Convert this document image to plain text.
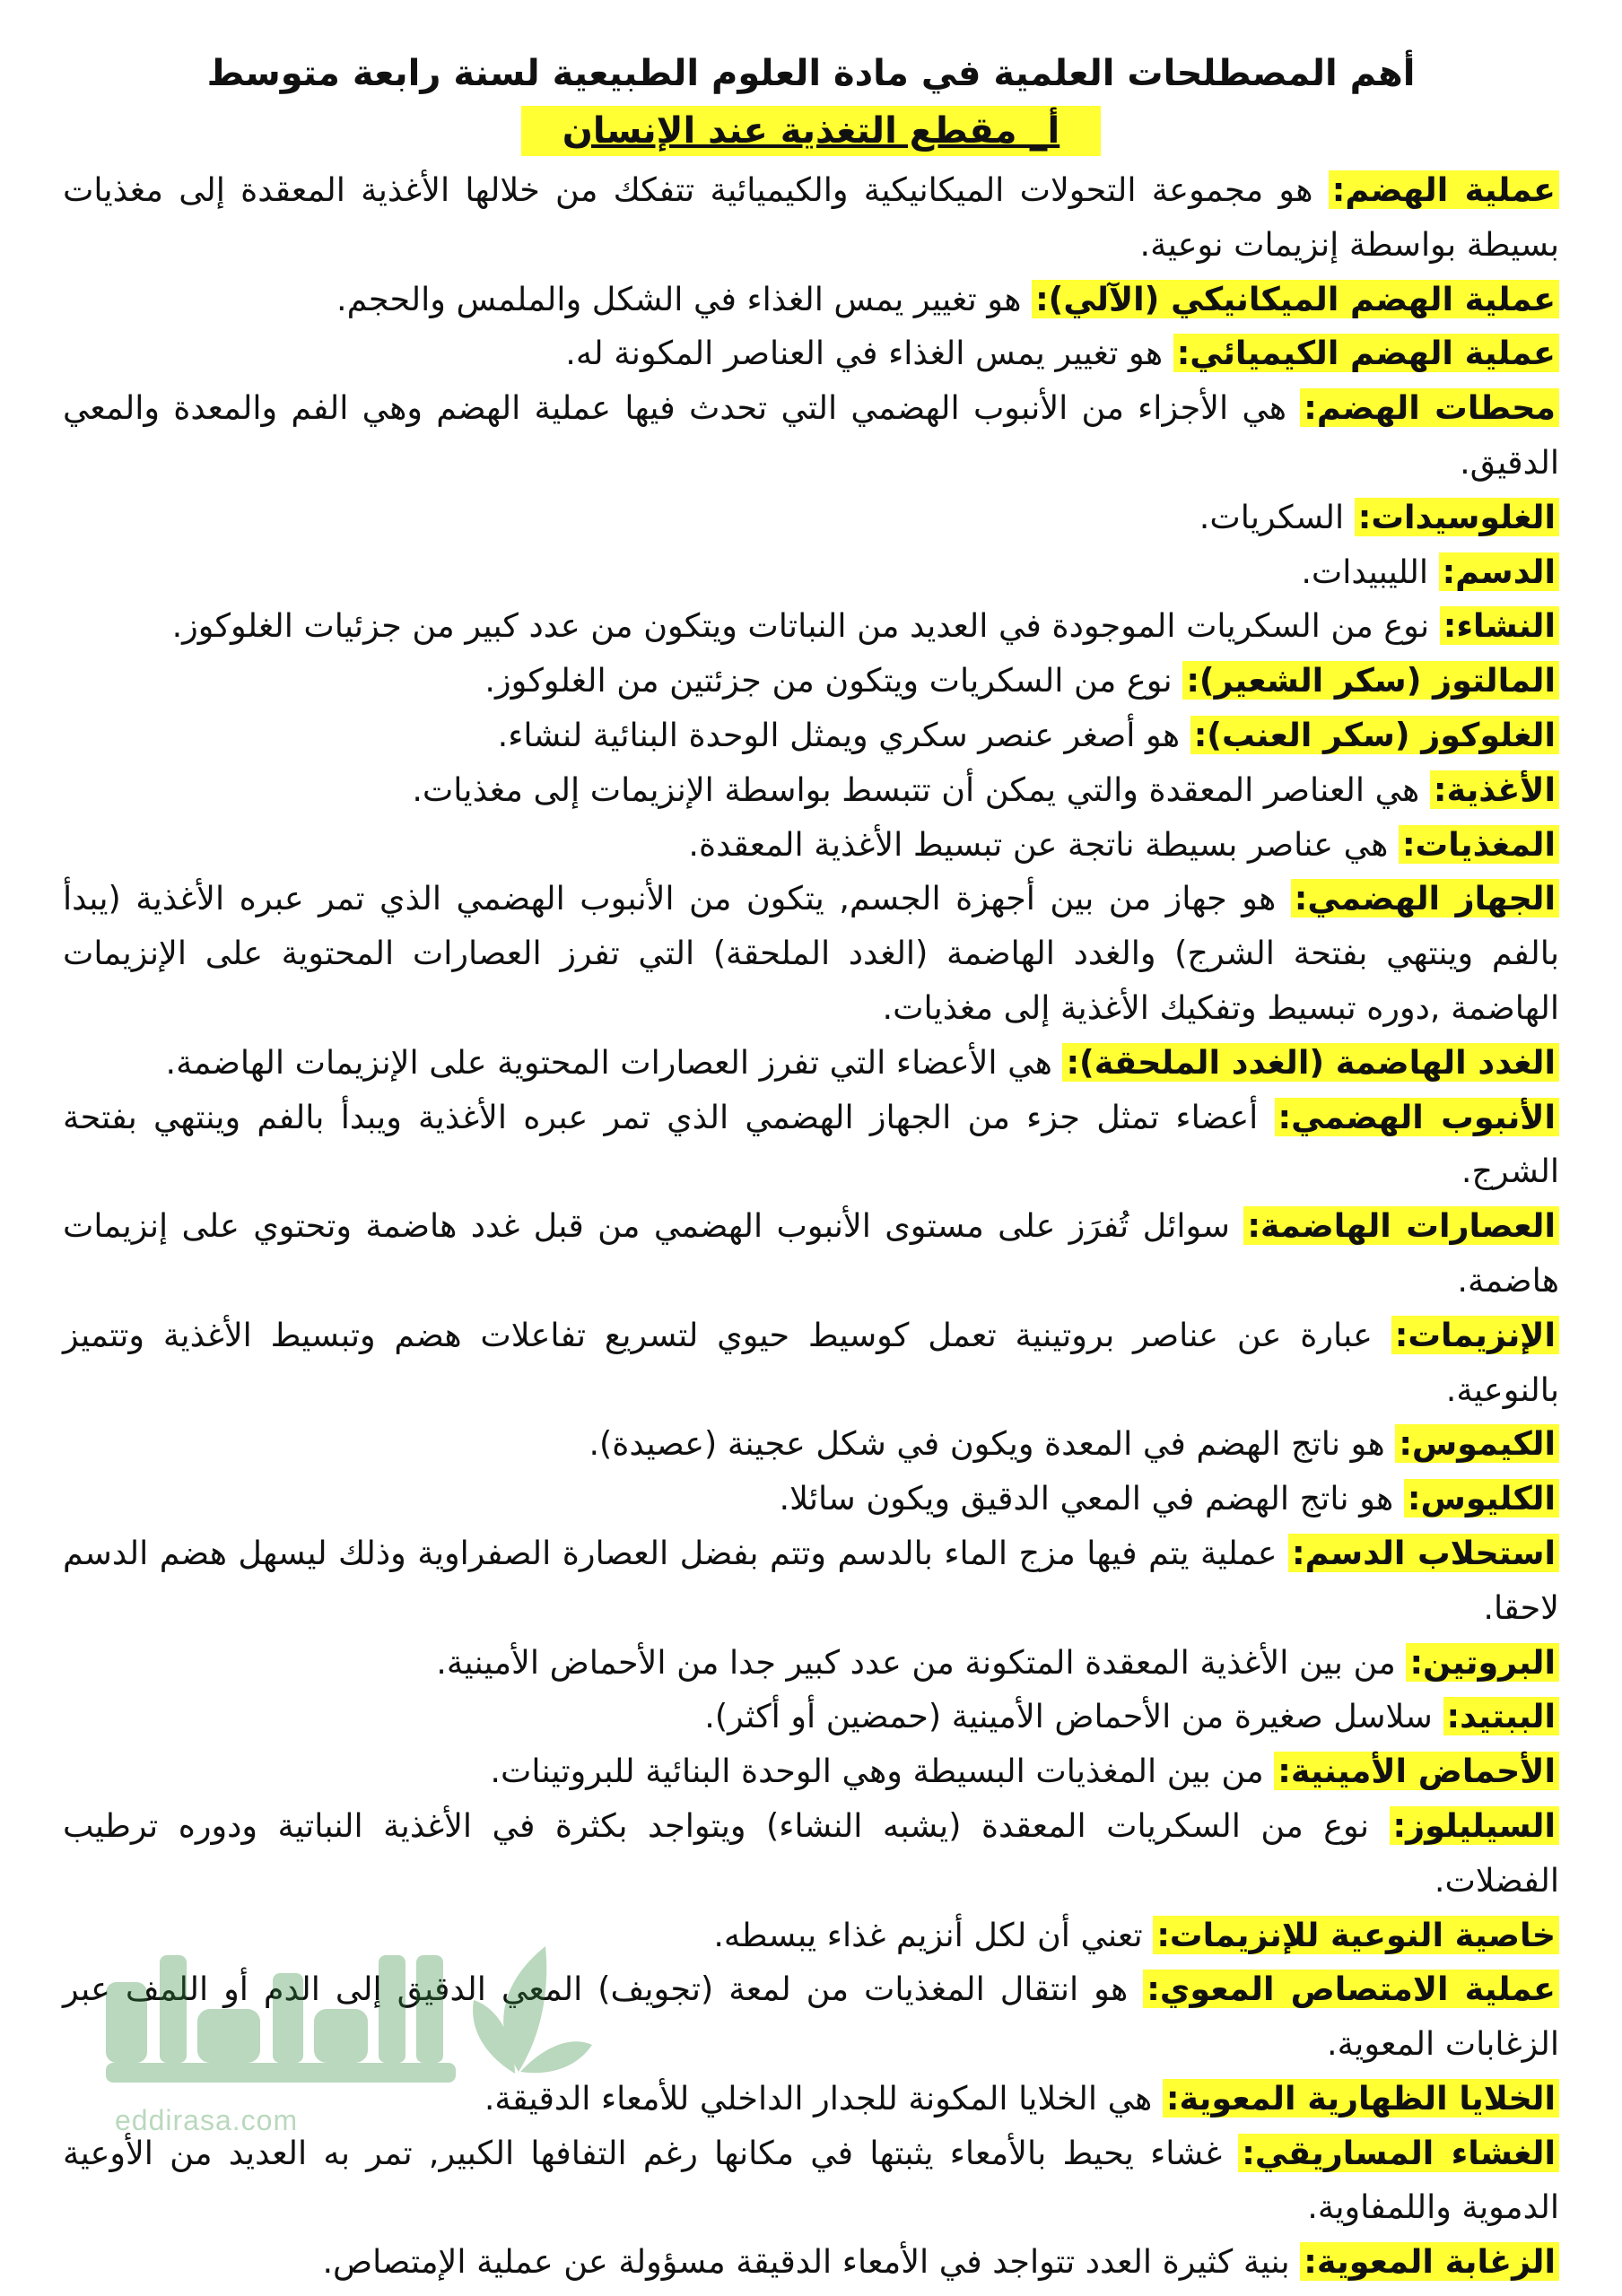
أهم المصطلحات العلمية في مادة العلوم الطبيعية لسنة رابعة متوسط
أ_ مقطع التغذية عند الإنسان

عملية الهضم: هو مجموعة التحولات الميكانيكية والكيميائية تتفكك من خلالها الأغذية المعقدة إلى مغذيات بسيطة بواسطة إنزيمات نوعية.

عملية الهضم الميكانيكي (الآلي): هو تغيير يمس الغذاء في الشكل والملمس والحجم.

عملية الهضم الكيميائي: هو تغيير يمس الغذاء في العناصر المكونة له.

محطات الهضم: هي الأجزاء من الأنبوب الهضمي التي تحدث فيها عملية الهضم وهي الفم والمعدة والمعي الدقيق.

الغلوسيدات: السكريات.

الدسم: الليبيدات.

النشاء: نوع من السكريات الموجودة في العديد من النباتات ويتكون من عدد كبير من جزئيات الغلوكوز.

المالتوز (سكر الشعير): نوع من السكريات ويتكون من جزئتين من الغلوكوز.

الغلوكوز (سكر العنب): هو أصغر عنصر سكري ويمثل الوحدة البنائية لنشاء.

الأغذية: هي العناصر المعقدة والتي يمكن أن تتبسط بواسطة الإنزيمات إلى مغذيات.

المغذيات: هي عناصر بسيطة ناتجة عن تبسيط الأغذية المعقدة.

الجهاز الهضمي: هو جهاز من بين أجهزة الجسم, يتكون من الأنبوب الهضمي الذي تمر عبره الأغذية (يبدأ بالفم وينتهي بفتحة الشرج) والغدد الهاضمة (الغدد الملحقة) التي تفرز العصارات المحتوية على الإنزيمات الهاضمة ,دوره تبسيط وتفكيك الأغذية إلى مغذيات.

الغدد الهاضمة (الغدد الملحقة): هي الأعضاء التي تفرز العصارات المحتوية على الإنزيمات الهاضمة.

الأنبوب الهضمي: أعضاء تمثل جزء من الجهاز الهضمي الذي تمر عبره الأغذية ويبدأ بالفم وينتهي بفتحة الشرج.

العصارات الهاضمة: سوائل تُفرَز على مستوى الأنبوب الهضمي من قبل غدد هاضمة وتحتوي على إنزيمات هاضمة.

الإنزيمات: عبارة عن عناصر بروتينية تعمل كوسيط حيوي لتسريع تفاعلات هضم وتبسيط الأغذية وتتميز بالنوعية.

الكيموس: هو ناتج الهضم في المعدة ويكون في شكل عجينة (عصيدة).

الكليوس: هو ناتج الهضم في المعي الدقيق ويكون سائلا.

استحلاب الدسم: عملية يتم فيها مزج الماء بالدسم وتتم بفضل العصارة الصفراوية وذلك ليسهل هضم الدسم لاحقا.

البروتين: من بين الأغذية المعقدة المتكونة من عدد كبير جدا من الأحماض الأمينية.

الببتيد: سلاسل صغيرة من الأحماض الأمينية (حمضين أو أكثر).

الأحماض الأمينية: من بين المغذيات البسيطة وهي الوحدة البنائية للبروتينات.

السيليلوز: نوع من السكريات المعقدة (يشبه النشاء) ويتواجد بكثرة في الأغذية النباتية ودوره ترطيب الفضلات.

خاصية النوعية للإنزيمات: تعني أن لكل أنزيم غذاء يبسطه.

عملية الامتصاص المعوي: هو انتقال المغذيات من لمعة (تجويف) المعي الدقيق إلى الدم أو اللمف عبر الزغابات المعوية.

الخلايا الظهارية المعوية: هي الخلايا المكونة للجدار الداخلي للأمعاء الدقيقة.

الغشاء المساريقي: غشاء يحيط بالأمعاء يثبتها في مكانها رغم التفافها الكبير, تمر به العديد من الأوعية الدموية واللمفاوية.

الزغابة المعوية: بنية كثيرة العدد تتواجد في الأمعاء الدقيقة مسؤولة عن عملية الإمتصاص.

eddirasa.com
